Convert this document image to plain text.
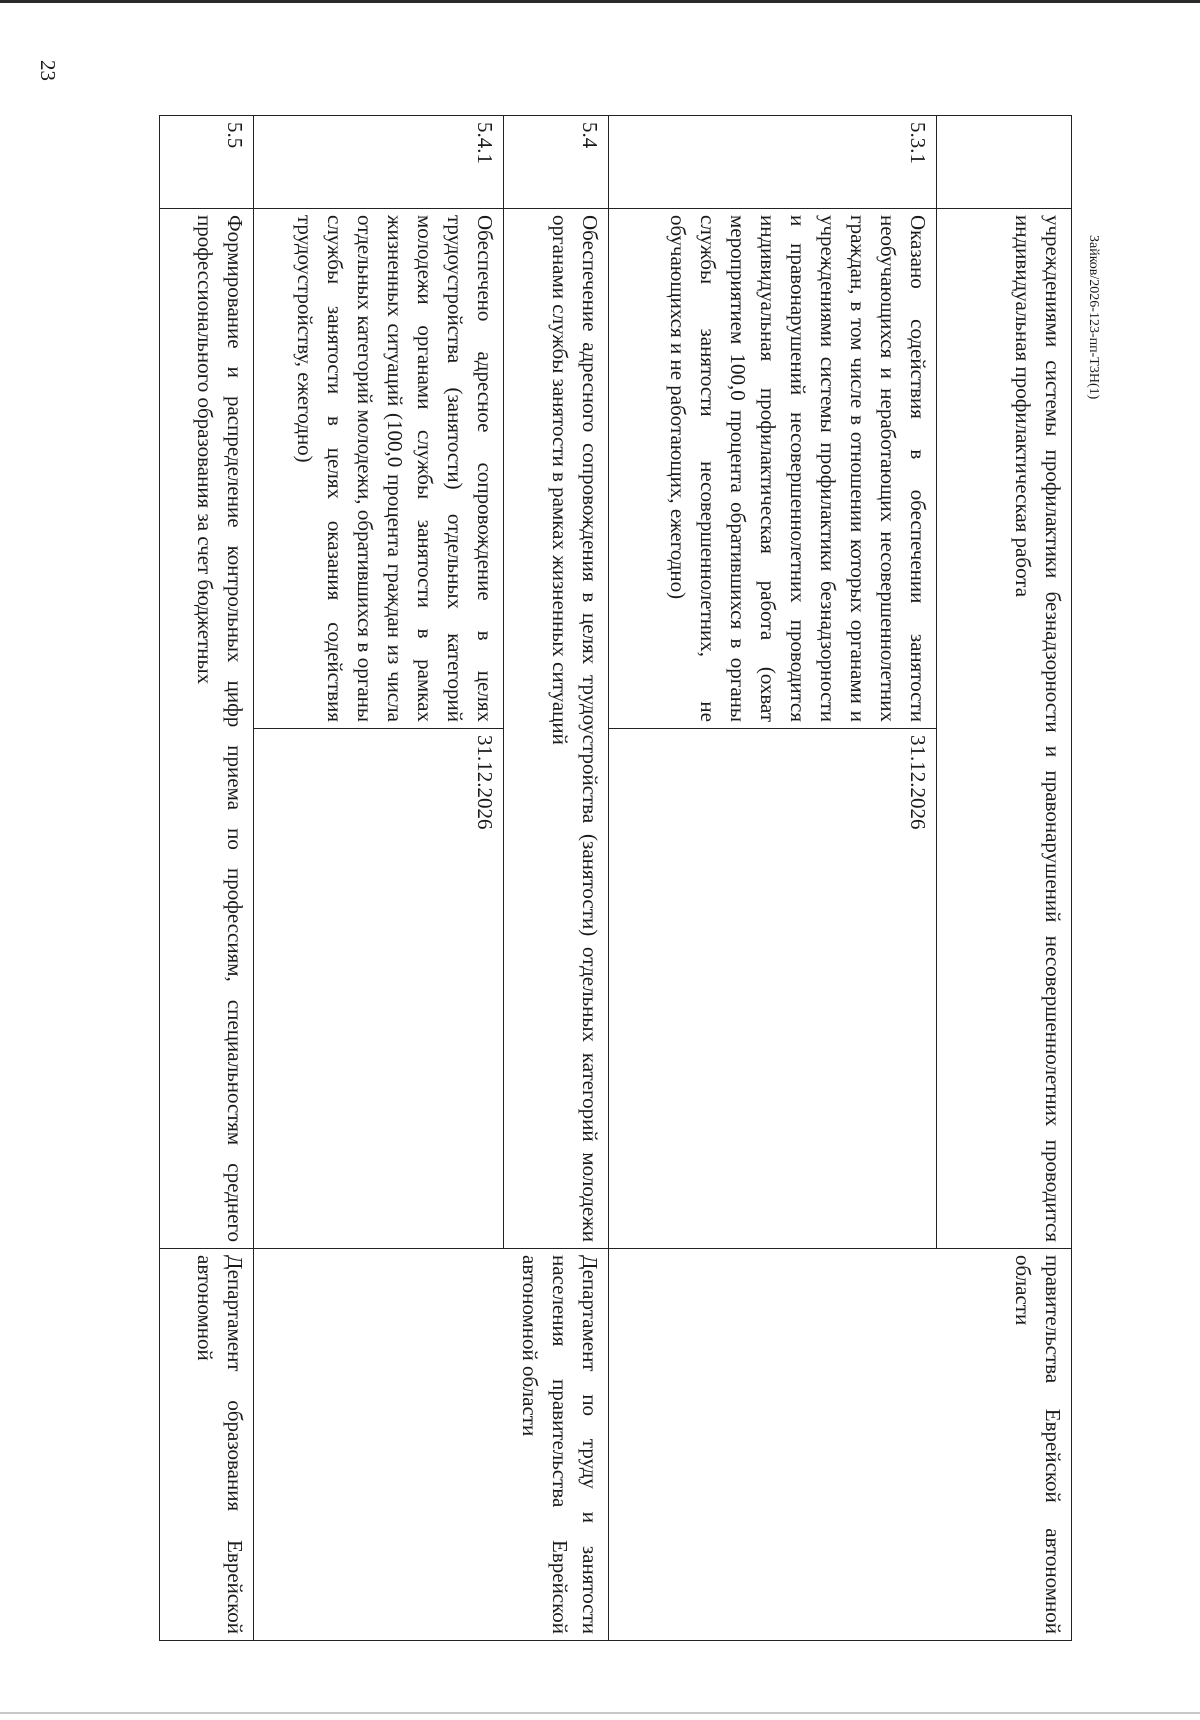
23
Зайков/2026-123-пп-Т3Н(1)
	учреждениями системы профилактики безнадзорности и правонарушений несовершеннолетних проводится индивидуальная профилактическая работа		правительства Еврейской автономной области
5.3.1	Оказано содействия в обеспечении занятости необучающихся и неработающих несовершеннолетних граждан, в том числе в отношении которых органами и учреждениями системы профилактики безнадзорности и правонарушений несовершеннолетних проводится индивидуальная профилактическая работа (охват мероприятием 100,0 процента обратившихся в органы службы занятости несовершеннолетних, не обучающихся и не работающих, ежегодно)	31.12.2026	
5.4	Обеспечение адресного сопровождения в целях трудоустройства (занятости) отдельных категорий молодежи органами службы занятости в рамках жизненных ситуаций		Департамент по труду и занятости населения правительства Еврейской автономной области
5.4.1	Обеспечено адресное сопровождение в целях трудоустройства (занятости) отдельных категорий молодежи органами службы занятости в рамках жизненных ситуаций (100,0 процента граждан из числа отдельных категорий молодежи, обратившихся в органы службы занятости в целях оказания содействия трудоустройству, ежегодно)	31.12.2026	
5.5	Формирование и распределение контрольных цифр приема по профессиям, специальностям среднего профессионального образования за счет бюджетных		Департамент образования Еврейской автономной
